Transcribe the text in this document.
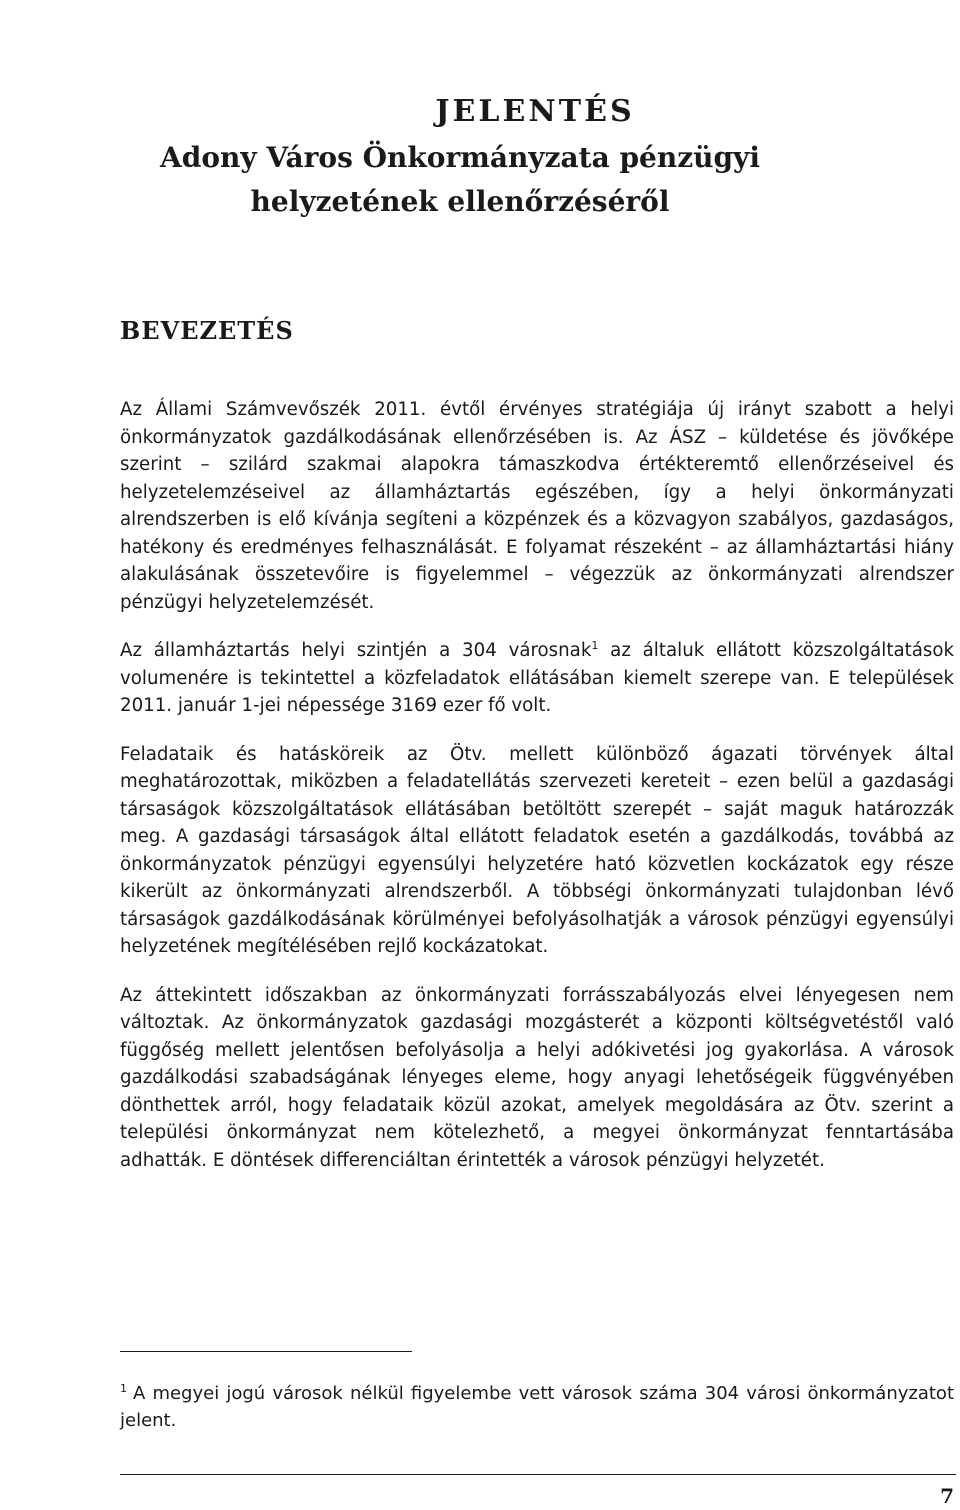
JELENTÉS
Adony Város Önkormányzata pénzügyi helyzetének ellenőrzéséről
BEVEZETÉS

Az Állami Számvevőszék 2011. évtől érvényes stratégiája új irányt szabott a helyi önkormányzatok gazdálkodásának ellenőrzésében is. Az ÁSZ – küldetése és jövőképe szerint – szilárd szakmai alapokra támaszkodva értékteremtő ellenőrzéseivel és helyzetelemzéseivel az államháztartás egészében, így a helyi önkormányzati alrendszerben is elő kívánja segíteni a közpénzek és a közvagyon szabályos, gazdaságos, hatékony és eredményes felhasználását. E folyamat részeként – az államháztartási hiány alakulásának összetevőire is figyelemmel – végezzük az önkormányzati alrendszer pénzügyi helyzetelemzését.

Az államháztartás helyi szintjén a 304 városnak$^1$ az általuk ellátott közszolgáltatások volumenére is tekintettel a közfeladatok ellátásában kiemelt szerepe van. E települések 2011. január 1-jei népessége 3169 ezer fő volt.

Feladataik és hatásköreik az Ötv. mellett különböző ágazati törvények által meghatározottak, miközben a feladatellátás szervezeti kereteit – ezen belül a gazdasági társaságok közszolgáltatások ellátásában betöltött szerepét – saját maguk határozzák meg. A gazdasági társaságok által ellátott feladatok esetén a gazdálkodás, továbbá az önkormányzatok pénzügyi egyensúlyi helyzetére ható közvetlen kockázatok egy része kikerült az önkormányzati alrendszerből. A többségi önkormányzati tulajdonban lévő társaságok gazdálkodásának körülményei befolyásolhatják a városok pénzügyi egyensúlyi helyzetének megítélésében rejlő kockázatokat.

Az áttekintett időszakban az önkormányzati forrásszabályozás elvei lényegesen nem változtak. Az önkormányzatok gazdasági mozgásterét a központi költségvetéstől való függőség mellett jelentősen befolyásolja a helyi adókivetési jog gyakorlása. A városok gazdálkodási szabadságának lényeges eleme, hogy anyagi lehetőségeik függvényében dönthettek arról, hogy feladataik közül azokat, amelyek megoldására az Ötv. szerint a települési önkormányzat nem kötelezhető, a megyei önkormányzat fenntartásába adhatták. E döntések differenciáltan érintették a városok pénzügyi helyzetét.

$^1$ A megyei jogú városok nélkül figyelembe vett városok száma 304 városi önkormányzatot jelent.

7
